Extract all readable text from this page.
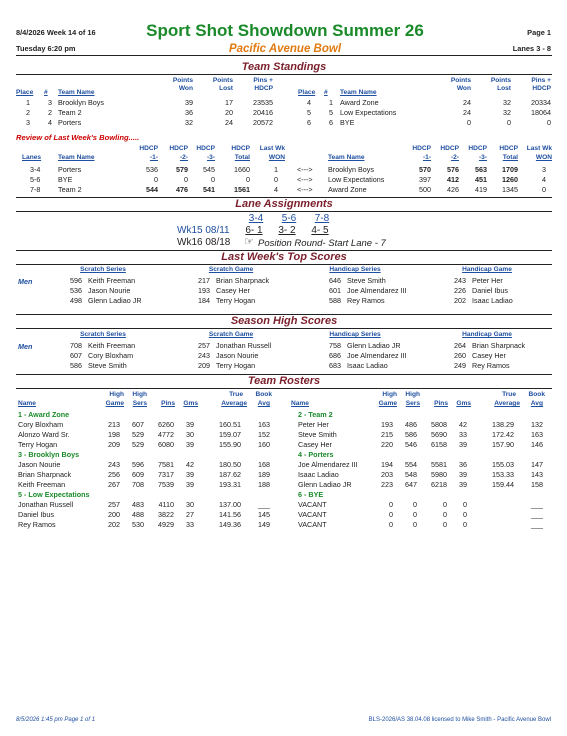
8/4/2026 Week 14 of 16	Sport Shot Showdown Summer 26	Page 1
Tuesday 6:20 pm	Pacific Avenue Bowl	Lanes 3 - 8
Team Standings
Points
Won
Points
Lost
Pins +
HDCP
Points
Won
Points
Lost
Pins +
HDCP
Place # Team Name	Place # Team Name
1	3 Brooklyn Boys	39	17	23535
2	2 Team 2	36	20	20416
3	4 Porters	32	24	20572
4	1 Award Zone	24	32	20334
5	5 Low Expectations	24	32	18064
6	6 BYE	0	0	0
Review of Last Week's Bowling.....
HDCP
-1-
HDCP
-2-
HDCP
-3-
HDCP
Total
Last Wk
WON
Lanes	Team Name	Team Name
HDCP
-1-
HDCP
-2-
HDCP
-3-
HDCP
Total
Last Wk
WON
3-4 Porters	536	579	545	1660	1	<---> Brooklyn Boys	570	576	563	1709	3
5-6 BYE	0	0	0	0	0	<---> Low Expectations	397	412	451	1260	4
7-8 Team 2	544	476	541	1561	4	<---> Award Zone	500	426	419	1345	0
Lane Assignments
3-4	5-6	7-8
Wk15 08/11	6- 1	3- 2	4- 5
Wk16 08/18 ☞ Position Round- Start Lane - 7
Last Week's Top Scores
Scratch Series	Scratch Game	Handicap Series	Handicap Game
Men	596 Keith Freeman	217 Brian Sharpnack	646 Steve Smith	243 Peter Her
536 Jason Nourie	193 Casey Her	601 Joe Almendarez III	226 Daniel Ibus
498 Glenn Ladiao JR	184 Terry Hogan	588 Rey Ramos	202 Isaac Ladiao
Season High Scores
Scratch Series	Scratch Game	Handicap Series	Handicap Game
Men	708 Keith Freeman	257 Jonathan Russell	758 Glenn Ladiao JR	264 Brian Sharpnack
607 Cory Bloxham	243 Jason Nourie	686 Joe Almendarez III	260 Casey Her
586 Steve Smith	209 Terry Hogan	683 Isaac Ladiao	249 Rey Ramos
Team Rosters
High
Game
High
Sers	Pins	Gms
True
Average
Book
Avg
High
Game
High
Sers	Pins	Gms
True
Average
Book
Avg
Name	Name
1 - Award Zone
Cory Bloxham	213	607	6260	39	160.51	163
Alonzo Ward Sr.	198	529	4772	30	159.07	152
Terry Hogan	209	529	6080	39	155.90	160
3 - Brooklyn Boys
Jason Nourie	243	596	7581	42	180.50	168
Brian Sharpnack	256	609	7317	39	187.62	189
Keith Freeman	267	708	7539	39	193.31	188
5 - Low Expectations
Jonathan Russell	257	483	4110	30	137.00	___
Daniel Ibus	200	488	3822	27	141.56	145
Rey Ramos	202	530	4929	33	149.36	149
2 - Team 2
Peter Her	193	486	5808	42	138.29	132
Steve Smith	215	586	5690	33	172.42	163
Casey Her	220	546	6158	39	157.90	146
4 - Porters
Joe Almendarez III	194	554	5581	36	155.03	147
Isaac Ladiao	203	548	5980	39	153.33	143
Glenn Ladiao JR	223	647	6218	39	159.44	158
6 - BYE
VACANT	0	0	0	0	___
VACANT	0	0	0	0	___
VACANT	0	0	0	0	___
8/5/2026 1:45 pm Page 1 of 1	BLS-2026/AS 38.04.08 licensed to Mike Smith - Pacific Avenue Bowl
